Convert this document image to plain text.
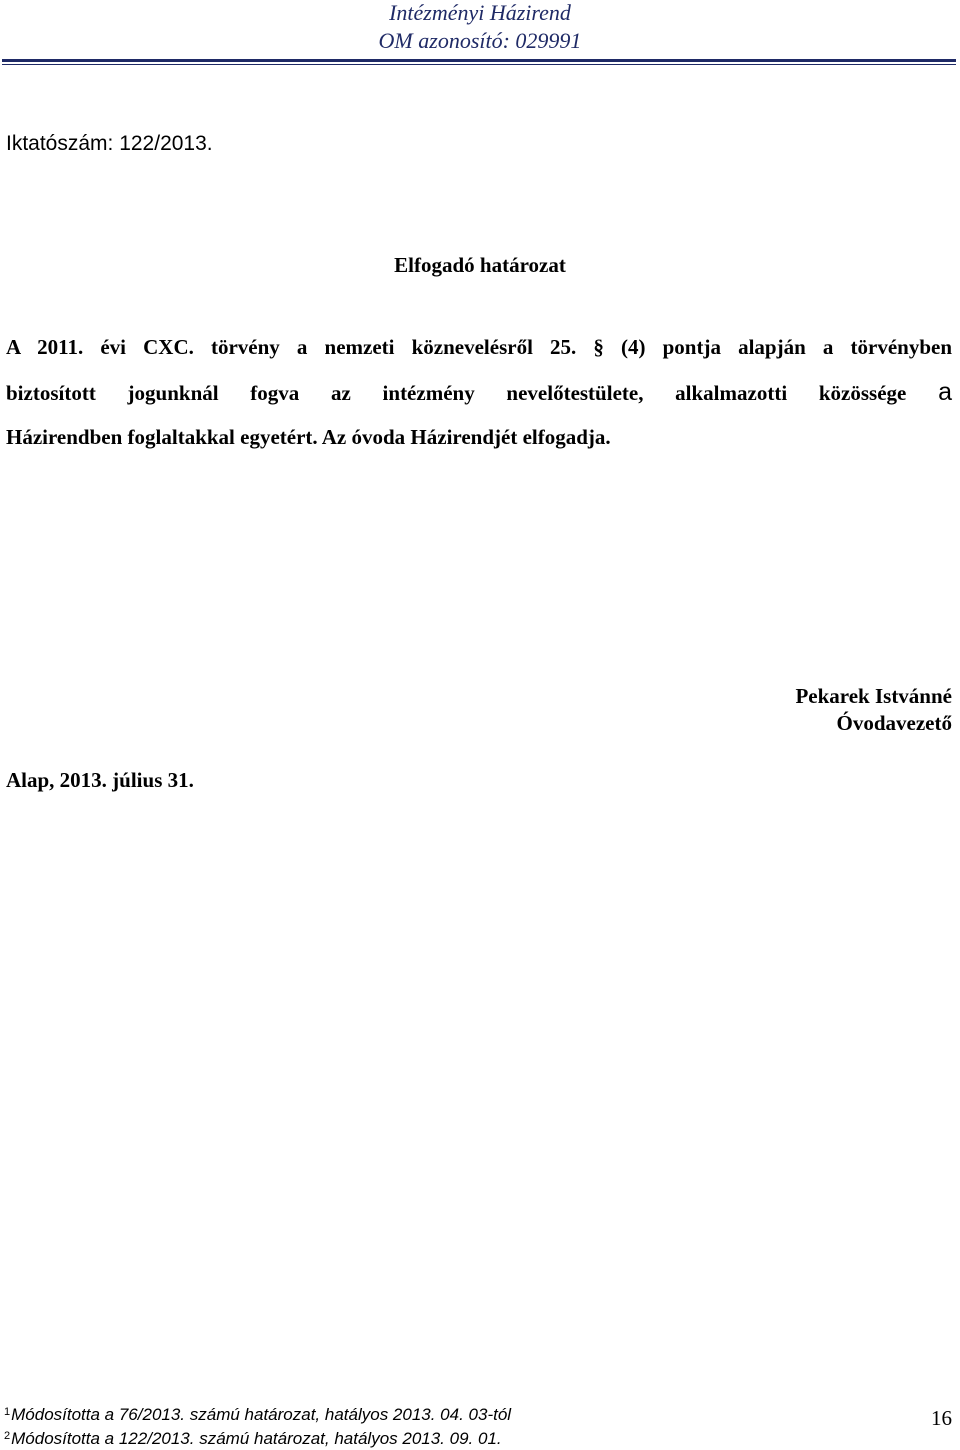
Intézményi Házirend
OM azonosító: 029991
Iktatószám: 122/2013.
Elfogadó határozat
A 2011. évi CXC. törvény a nemzeti köznevelésről 25. § (4) pontja alapján a törvényben
biztosított jogunknál fogva az intézmény nevelőtestülete, alkalmazotti közössége a
Házirendben foglaltakkal egyetért. Az óvoda Házirendjét elfogadja.
Pekarek Istvánné
Óvodavezető
Alap, 2013. július 31.
$^1$Módosította a 76/2013. számú határozat, hatályos 2013. 04. 03-tól
$^2$Módosította a 122/2013. számú határozat, hatályos 2013. 09. 01.
16
